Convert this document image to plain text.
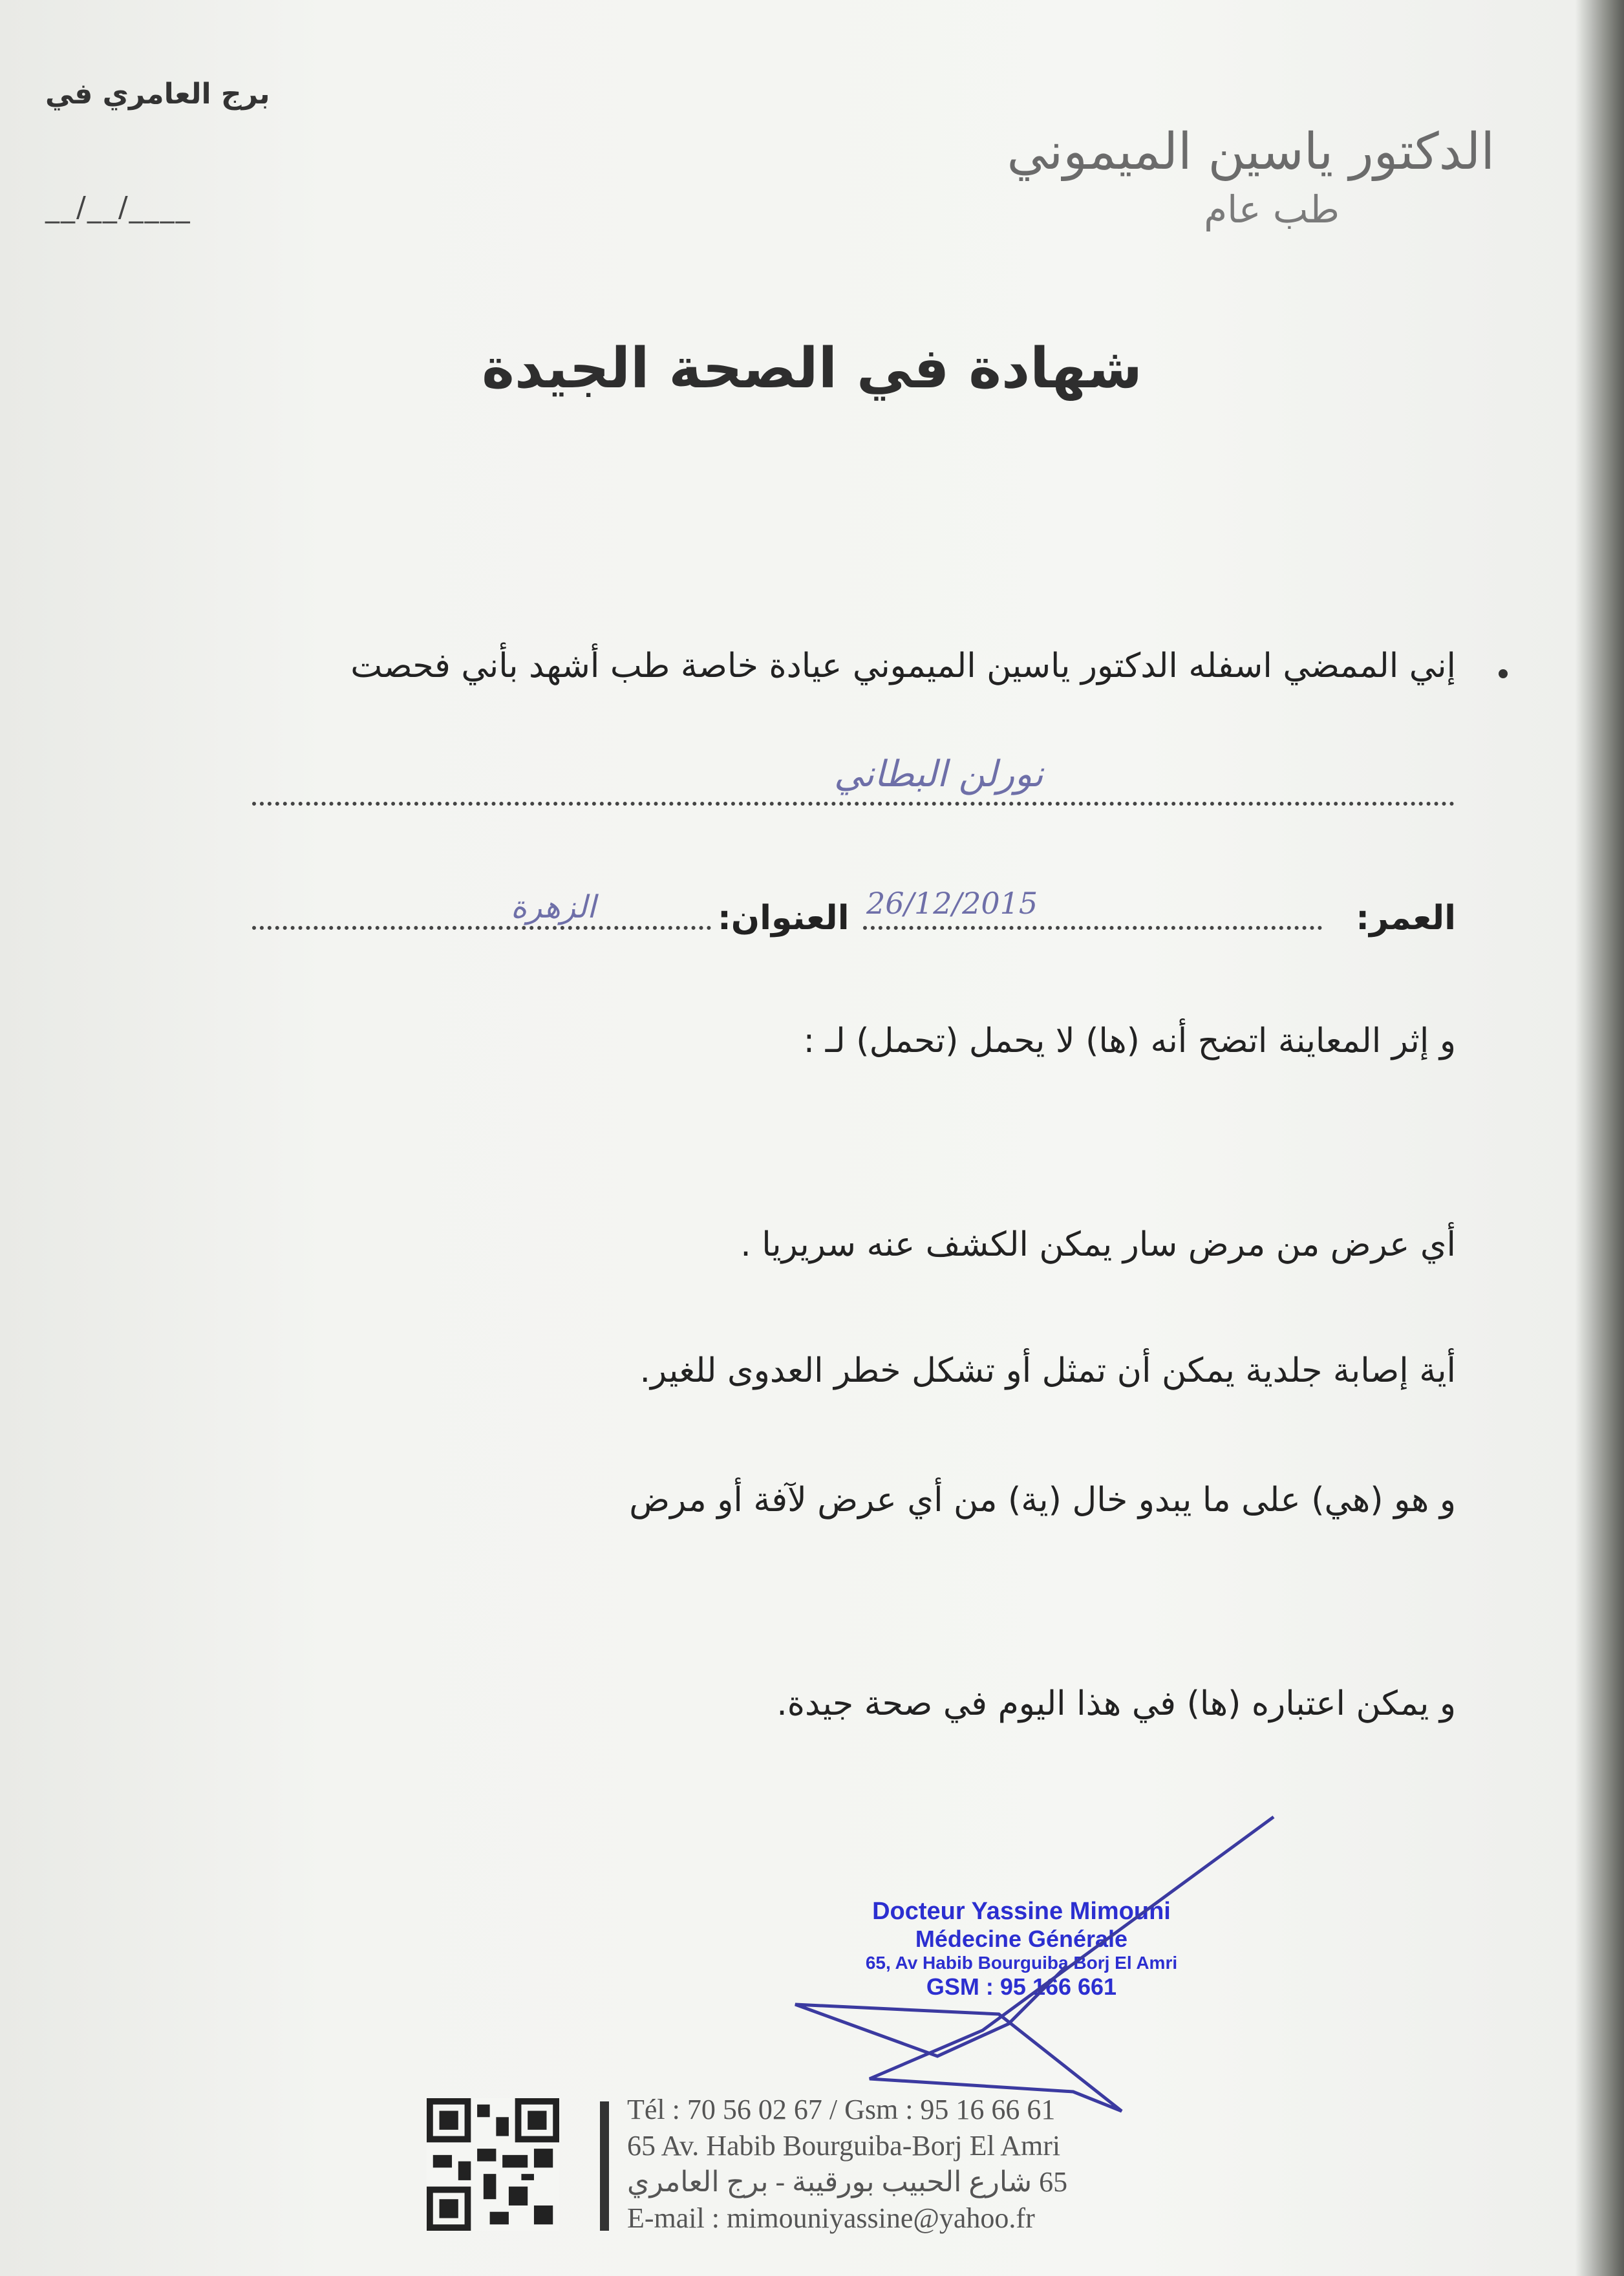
برج العامري في
__/__/____
الدكتور ياسين الميموني
طب عام
شهادة في الصحة الجيدة
إني الممضي اسفله الدكتور ياسين الميموني عيادة خاصة طب أشهد بأني فحصت
نورلن البطاني
العمر:
26/12/2015
العنوان:
الزهرة
و إثر المعاينة اتضح أنه (ها) لا يحمل (تحمل) لـ :
أي عرض من مرض سار يمكن الكشف عنه سريريا .
أية إصابة جلدية يمكن أن تمثل أو تشكل خطر العدوى للغير.
و هو (هي) على ما يبدو خال (ية) من أي عرض لآفة أو مرض
و يمكن اعتباره (ها) في هذا اليوم في صحة جيدة.
Docteur Yassine Mimouni
Médecine Générale
65, Av Habib Bourguiba Borj El Amri
GSM : 95 166 661
Tél : 70 56 02 67 / Gsm : 95 16 66 61
65 Av. Habib Bourguiba-Borj El Amri
65 شارع الحبيب بورقيبة - برج العامري
E-mail : mimouniyassine@yahoo.fr
